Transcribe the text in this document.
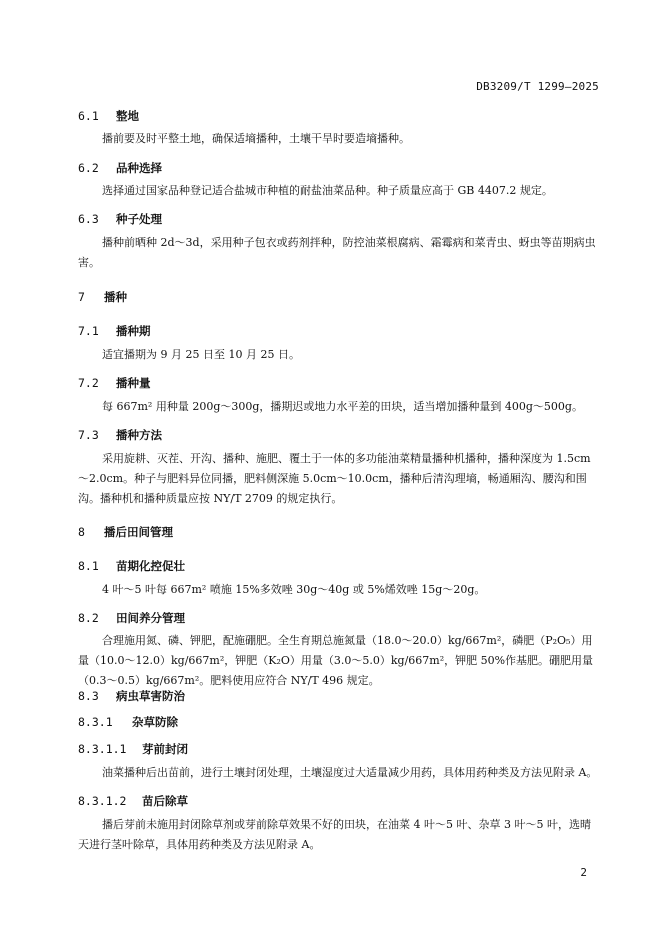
DB3209/T 1299—2025
6.1 整地
播前要及时平整土地，确保适墒播种，土壤干旱时要造墒播种。
6.2 品种选择
选择通过国家品种登记适合盐城市种植的耐盐油菜品种。种子质量应高于 GB 4407.2 规定。
6.3 种子处理
播种前晒种 2d～3d，采用种子包衣或药剂拌种，防控油菜根腐病、霜霉病和菜青虫、蚜虫等苗期病虫害。
7 播种
7.1 播种期
适宜播期为 9 月 25 日至 10 月 25 日。
7.2 播种量
每 667m² 用种量 200g～300g，播期迟或地力水平差的田块，适当增加播种量到 400g～500g。
7.3 播种方法
采用旋耕、灭茬、开沟、播种、施肥、覆土于一体的多功能油菜精量播种机播种，播种深度为 1.5cm～2.0cm。种子与肥料异位同播，肥料侧深施 5.0cm～10.0cm，播种后清沟理墒，畅通厢沟、腰沟和围沟。播种机和播种质量应按 NY/T 2709 的规定执行。
8 播后田间管理
8.1 苗期化控促壮
4 叶～5 叶每 667m² 喷施 15%多效唑 30g～40g 或 5%烯效唑 15g～20g。
8.2 田间养分管理
合理施用氮、磷、钾肥，配施硼肥。全生育期总施氮量（18.0～20.0）kg/667m²，磷肥（P₂O₅）用量（10.0～12.0）kg/667m²，钾肥（K₂O）用量（3.0～5.0）kg/667m²，钾肥 50%作基肥。硼肥用量（0.3～0.5）kg/667m²。肥料使用应符合 NY/T 496 规定。
8.3 病虫草害防治
8.3.1 杂草防除
8.3.1.1 芽前封闭
油菜播种后出苗前，进行土壤封闭处理，土壤湿度过大适量减少用药，具体用药种类及方法见附录 A。
8.3.1.2 苗后除草
播后芽前未施用封闭除草剂或芽前除草效果不好的田块，在油菜 4 叶～5 叶、杂草 3 叶～5 叶，选晴天进行茎叶除草，具体用药种类及方法见附录 A。
2
